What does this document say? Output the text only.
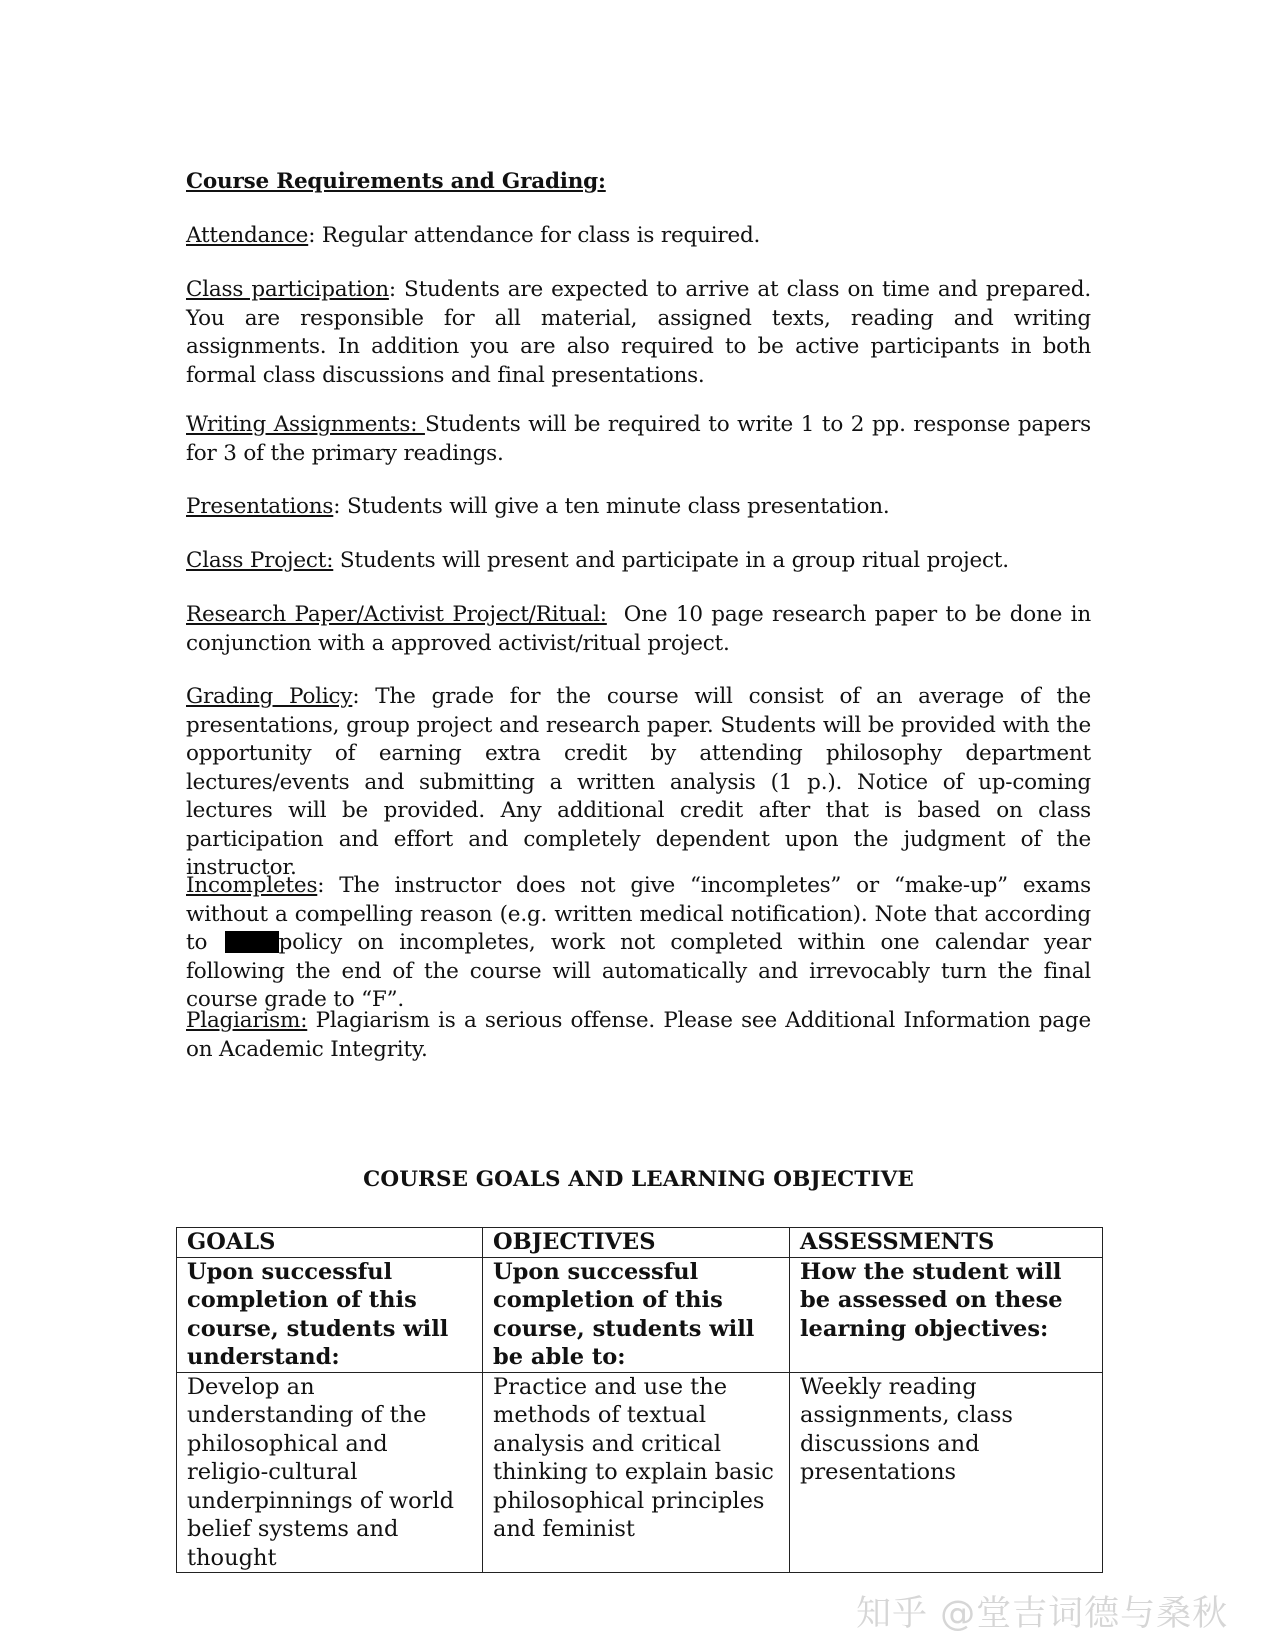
Course Requirements and Grading:
Attendance: Regular attendance for class is required.
Class participation: Students are expected to arrive at class on time and prepared. You are responsible for all material, assigned texts, reading and writing assignments. In addition you are also required to be active participants in both formal class discussions and final presentations.
Writing Assignments: Students will be required to write 1 to 2 pp. response papers for 3 of the primary readings.
Presentations: Students will give a ten minute class presentation.
Class Project: Students will present and participate in a group ritual project.
Research Paper/Activist Project/Ritual:  One 10 page research paper to be done in conjunction with a approved activist/ritual project.
Grading Policy: The grade for the course will consist of an average of the presentations, group project and research paper. Students will be provided with the opportunity of earning extra credit by attending philosophy department lectures/events and submitting a written analysis (1 p.). Notice of up-coming lectures will be provided. Any additional credit after that is based on class participation and effort and completely dependent upon the judgment of the instructor.
Incompletes: The instructor does not give “incompletes” or “make-up” exams without a compelling reason (e.g. written medical notification). Note that according to	policy on incompletes, work not completed within one calendar year following the end of the course will automatically and irrevocably turn the final course grade to “F”.
Plagiarism: Plagiarism is a serious offense. Please see Additional Information page on Academic Integrity.
COURSE GOALS AND LEARNING OBJECTIVE
GOALS	OBJECTIVES	ASSESSMENTS
Upon successful completion of this course, students will understand:	Upon successful completion of this course, students will be able to:	How the student will be assessed on these learning objectives:
Develop an understanding of the philosophical and religio-cultural underpinnings of world belief systems and thought	Practice and use the methods of textual analysis and critical thinking to explain basic philosophical principles and feminist	Weekly reading assignments, class discussions and presentations
知乎 @堂吉词德与桑秋
